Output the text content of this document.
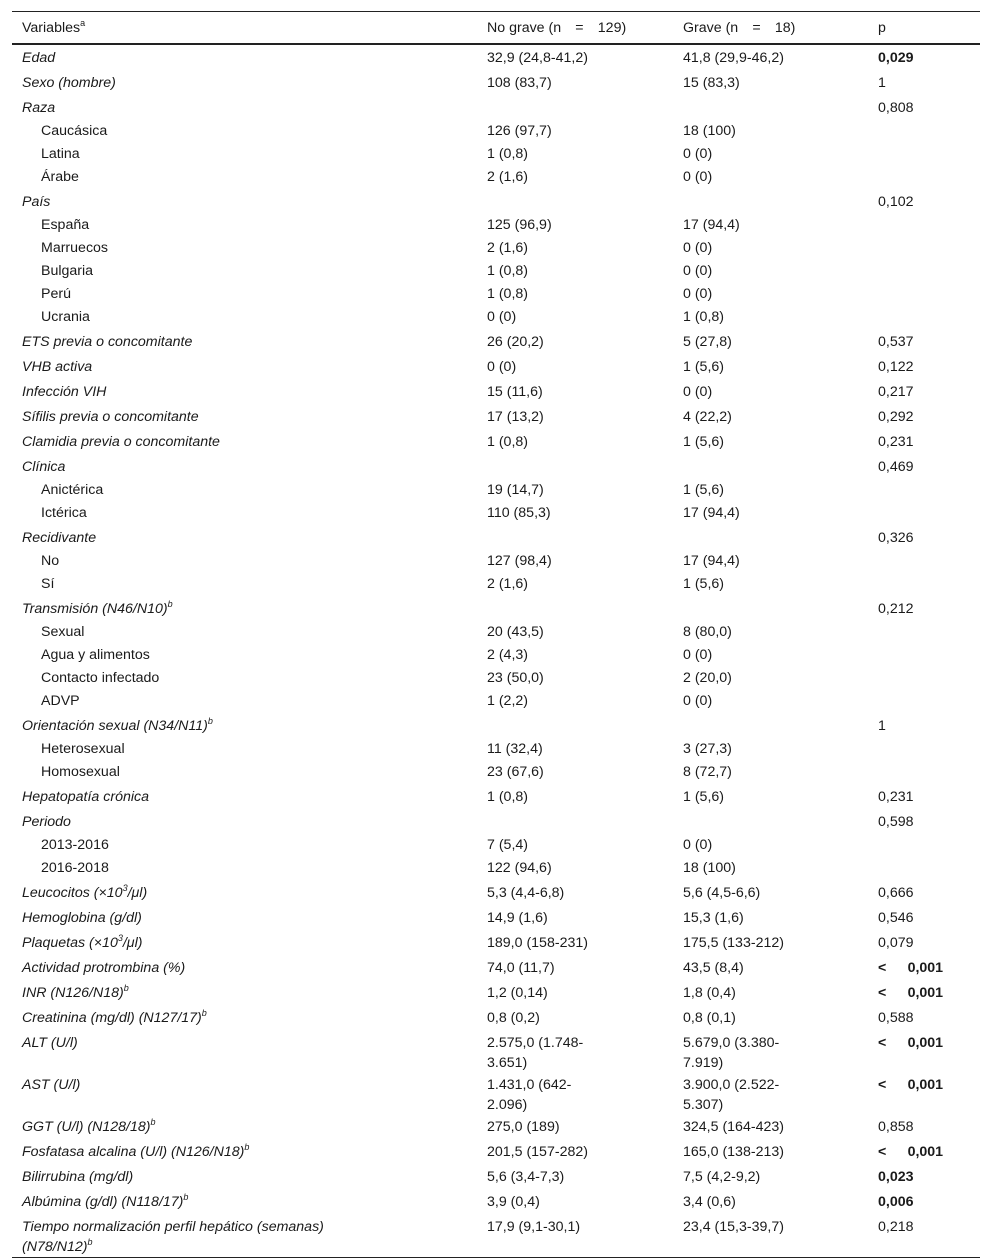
Variables$^a$	No grave (n = 129)	Grave (n = 18)	p
Edad	32,9 (24,8-41,2)	41,8 (29,9-46,2)	0,029
Sexo (hombre)	108 (83,7)	15 (83,3)	1
Raza			0,808
Caucásica	126 (97,7)	18 (100)	
Latina	1 (0,8)	0 (0)	
Árabe	2 (1,6)	0 (0)	
País			0,102
España	125 (96,9)	17 (94,4)	
Marruecos	2 (1,6)	0 (0)	
Bulgaria	1 (0,8)	0 (0)	
Perú	1 (0,8)	0 (0)	
Ucrania	0 (0)	1 (0,8)	
ETS previa o concomitante	26 (20,2)	5 (27,8)	0,537
VHB activa	0 (0)	1 (5,6)	0,122
Infección VIH	15 (11,6)	0 (0)	0,217
Sífilis previa o concomitante	17 (13,2)	4 (22,2)	0,292
Clamidia previa o concomitante	1 (0,8)	1 (5,6)	0,231
Clínica			0,469
Anictérica	19 (14,7)	1 (5,6)	
Ictérica	110 (85,3)	17 (94,4)	
Recidivante			0,326
No	127 (98,4)	17 (94,4)	
Sí	2 (1,6)	1 (5,6)	
Transmisión $(N46/N10)^b$			0,212
Sexual	20 (43,5)	8 (80,0)	
Agua y alimentos	2 (4,3)	0 (0)	
Contacto infectado	23 (50,0)	2 (20,0)	
ADVP	1 (2,2)	0 (0)	
Orientación sexual $(N34/N11)^b$			1
Heterosexual	11 (32,4)	3 (27,3)	
Homosexual	23 (67,6)	8 (72,7)	
Hepatopatía crónica	1 (0,8)	1 (5,6)	0,231
Periodo			0,598
2013-2016	7 (5,4)	0 (0)	
2016-2018	122 (94,6)	18 (100)	
Leucocitos $(\times 10^3/\mu l)$	5,3 (4,4-6,8)	5,6 (4,5-6,6)	0,666
Hemoglobina (g/dl)	14,9 (1,6)	15,3 (1,6)	0,546
Plaquetas $(\times 10^3/\mu l)$	189,0 (158-231)	175,5 (133-212)	0,079
Actividad protrombina (%)	74,0 (11,7)	43,5 (8,4)	<  0,001
INR $(N126/N18)^b$	1,2 (0,14)	1,8 (0,4)	<  0,001
Creatinina (mg/dl) $(N127/17)^b$	0,8 (0,2)	0,8 (0,1)	0,588
ALT (U/l)	2.575,0 (1.748-3.651)	5.679,0 (3.380-7.919)	<  0,001
AST (U/l)	1.431,0 (642-2.096)	3.900,0 (2.522-5.307)	<  0,001
GGT (U/l) $(N128/18)^b$	275,0 (189)	324,5 (164-423)	0,858
Fosfatasa alcalina (U/l) $(N126/N18)^b$	201,5 (157-282)	165,0 (138-213)	<  0,001
Bilirrubina (mg/dl)	5,6 (3,4-7,3)	7,5 (4,2-9,2)	0,023
Albúmina (g/dl) $(N118/17)^b$	3,9 (0,4)	3,4 (0,6)	0,006
Tiempo normalización perfil hepático (semanas) $(N78/N12)^b$	17,9 (9,1-30,1)	23,4 (15,3-39,7)	0,218
